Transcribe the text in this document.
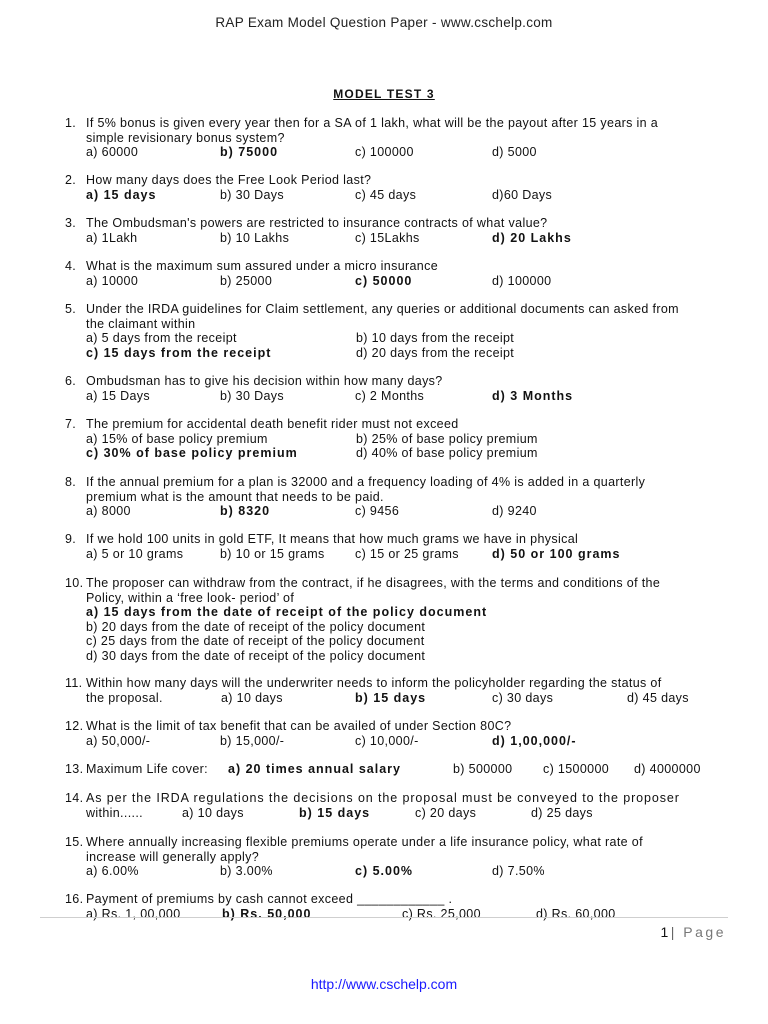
RAP Exam Model Question Paper - www.cschelp.com
MODEL TEST 3
1. If 5% bonus is given every year then for a SA of 1 lakh, what will be the payout after 15 years in a
simple revisionary bonus system?
a) 60000	b) 75000	c) 100000	d) 5000
2. How many days does the Free Look Period last?
a) 15 days	b) 30 Days	c) 45 days	d)60 Days
3. The Ombudsman's powers are restricted to insurance contracts of what value?
a) 1Lakh	b) 10 Lakhs	c) 15Lakhs	d) 20 Lakhs
4. What is the maximum sum assured under a micro insurance
a) 10000	b) 25000	c) 50000	d) 100000
5. Under the IRDA guidelines for Claim settlement, any queries or additional documents can asked from
the claimant within
a) 5 days from the receipt	b) 10 days from the receipt
c) 15 days from the receipt	d) 20 days from the receipt
6. Ombudsman has to give his decision within how many days?
a) 15 Days	b) 30 Days	c) 2 Months	d) 3 Months
7. The premium for accidental death benefit rider must not exceed
a) 15% of base policy premium	b) 25% of base policy premium
c) 30% of base policy premium	d) 40% of base policy premium
8. If the annual premium for a plan is 32000 and a frequency loading of 4% is added in a quarterly
premium what is the amount that needs to be paid.
a) 8000	b) 8320	c) 9456	d) 9240
9. If we hold 100 units in gold ETF, It means that how much grams we have in physical
a) 5 or 10 grams	b) 10 or 15 grams	c) 15 or 25 grams	d) 50 or 100 grams
10. The proposer can withdraw from the contract, if he disagrees, with the terms and conditions of the
Policy, within a ‘free look- period’ of
a) 15 days from the date of receipt of the policy document
b) 20 days from the date of receipt of the policy document
c) 25 days from the date of receipt of the policy document
d) 30 days from the date of receipt of the policy document
11. Within how many days will the underwriter needs to inform the policyholder regarding the status of
the proposal.	a) 10 days	b) 15 days	c) 30 days	d) 45 days
12. What is the limit of tax benefit that can be availed of under Section 80C?
a) 50,000/-	b) 15,000/-	c) 10,000/-	d) 1,00,000/-
13. Maximum Life cover:	a) 20 times annual salary	b) 500000	c) 1500000	d) 4000000
14. As per the IRDA regulations the decisions on the proposal must be conveyed to the proposer
within......	a) 10 days	b) 15 days	c) 20 days	d) 25 days
15. Where annually increasing flexible premiums operate under a life insurance policy, what rate of
increase will generally apply?
a) 6.00%	b) 3.00%	c) 5.00%	d) 7.50%
16. Payment of premiums by cash cannot exceed ____________ .
a) Rs. 1, 00,000	b) Rs. 50,000	c) Rs. 25,000	d) Rs. 60,000
1| Page
http://www.cschelp.com
